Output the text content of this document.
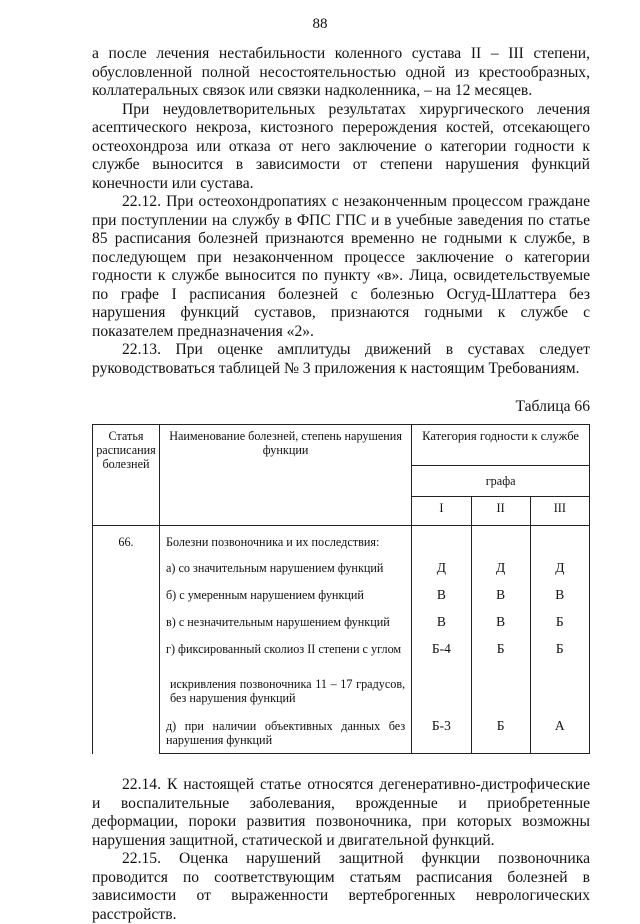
88

а после лечения нестабильности коленного сустава II – III степени, обусловленной полной несостоятельностью одной из крестообразных, коллатеральных связок или связки надколенника, – на 12 месяцев.

При неудовлетворительных результатах хирургического лечения асептического некроза, кистозного перерождения костей, отсекающего остеохондроза или отказа от него заключение о категории годности к службе выносится в зависимости от степени нарушения функций конечности или сустава.

22.12. При остеохондропатиях с незаконченным процессом граждане при поступлении на службу в ФПС ГПС и в учебные заведения по статье 85 расписания болезней признаются временно не годными к службе, в последующем при незаконченном процессе заключение о категории годности к службе выносится по пункту «в». Лица, освидетельствуемые по графе I расписания болезней с болезнью Осгуд-Шлаттера без нарушения функций суставов, признаются годными к службе с показателем предназначения «2».

22.13. При оценке амплитуды движений в суставах следует руководствоваться таблицей № 3 приложения к настоящим Требованиям.

Таблица 66
Статья расписания болезней	Наименование болезней, степень нарушения функции	Категория годности к службе		
		графа		
		I	II	III
66.	Болезни позвоночника и их последствия:			
	а) со значительным нарушением функций	Д	Д	Д
	б) с умеренным нарушением функций	В	В	В
	в) с незначительным нарушением функций	В	В	Б
	г) фиксированный сколиоз II степени с углом	Б-4	Б	Б
	искривления позвоночника 11 – 17 градусов, без нарушения функций			
	д) при наличии объективных данных без нарушения функций	Б-3	Б	А

22.14. К настоящей статье относятся дегенеративно-дистрофические и воспалительные заболевания, врожденные и приобретенные деформации, пороки развития позвоночника, при которых возможны нарушения защитной, статической и двигательной функций.

22.15. Оценка нарушений защитной функции позвоночника проводится по соответствующим статьям расписания болезней в зависимости от выраженности вертеброгенных неврологических расстройств.
